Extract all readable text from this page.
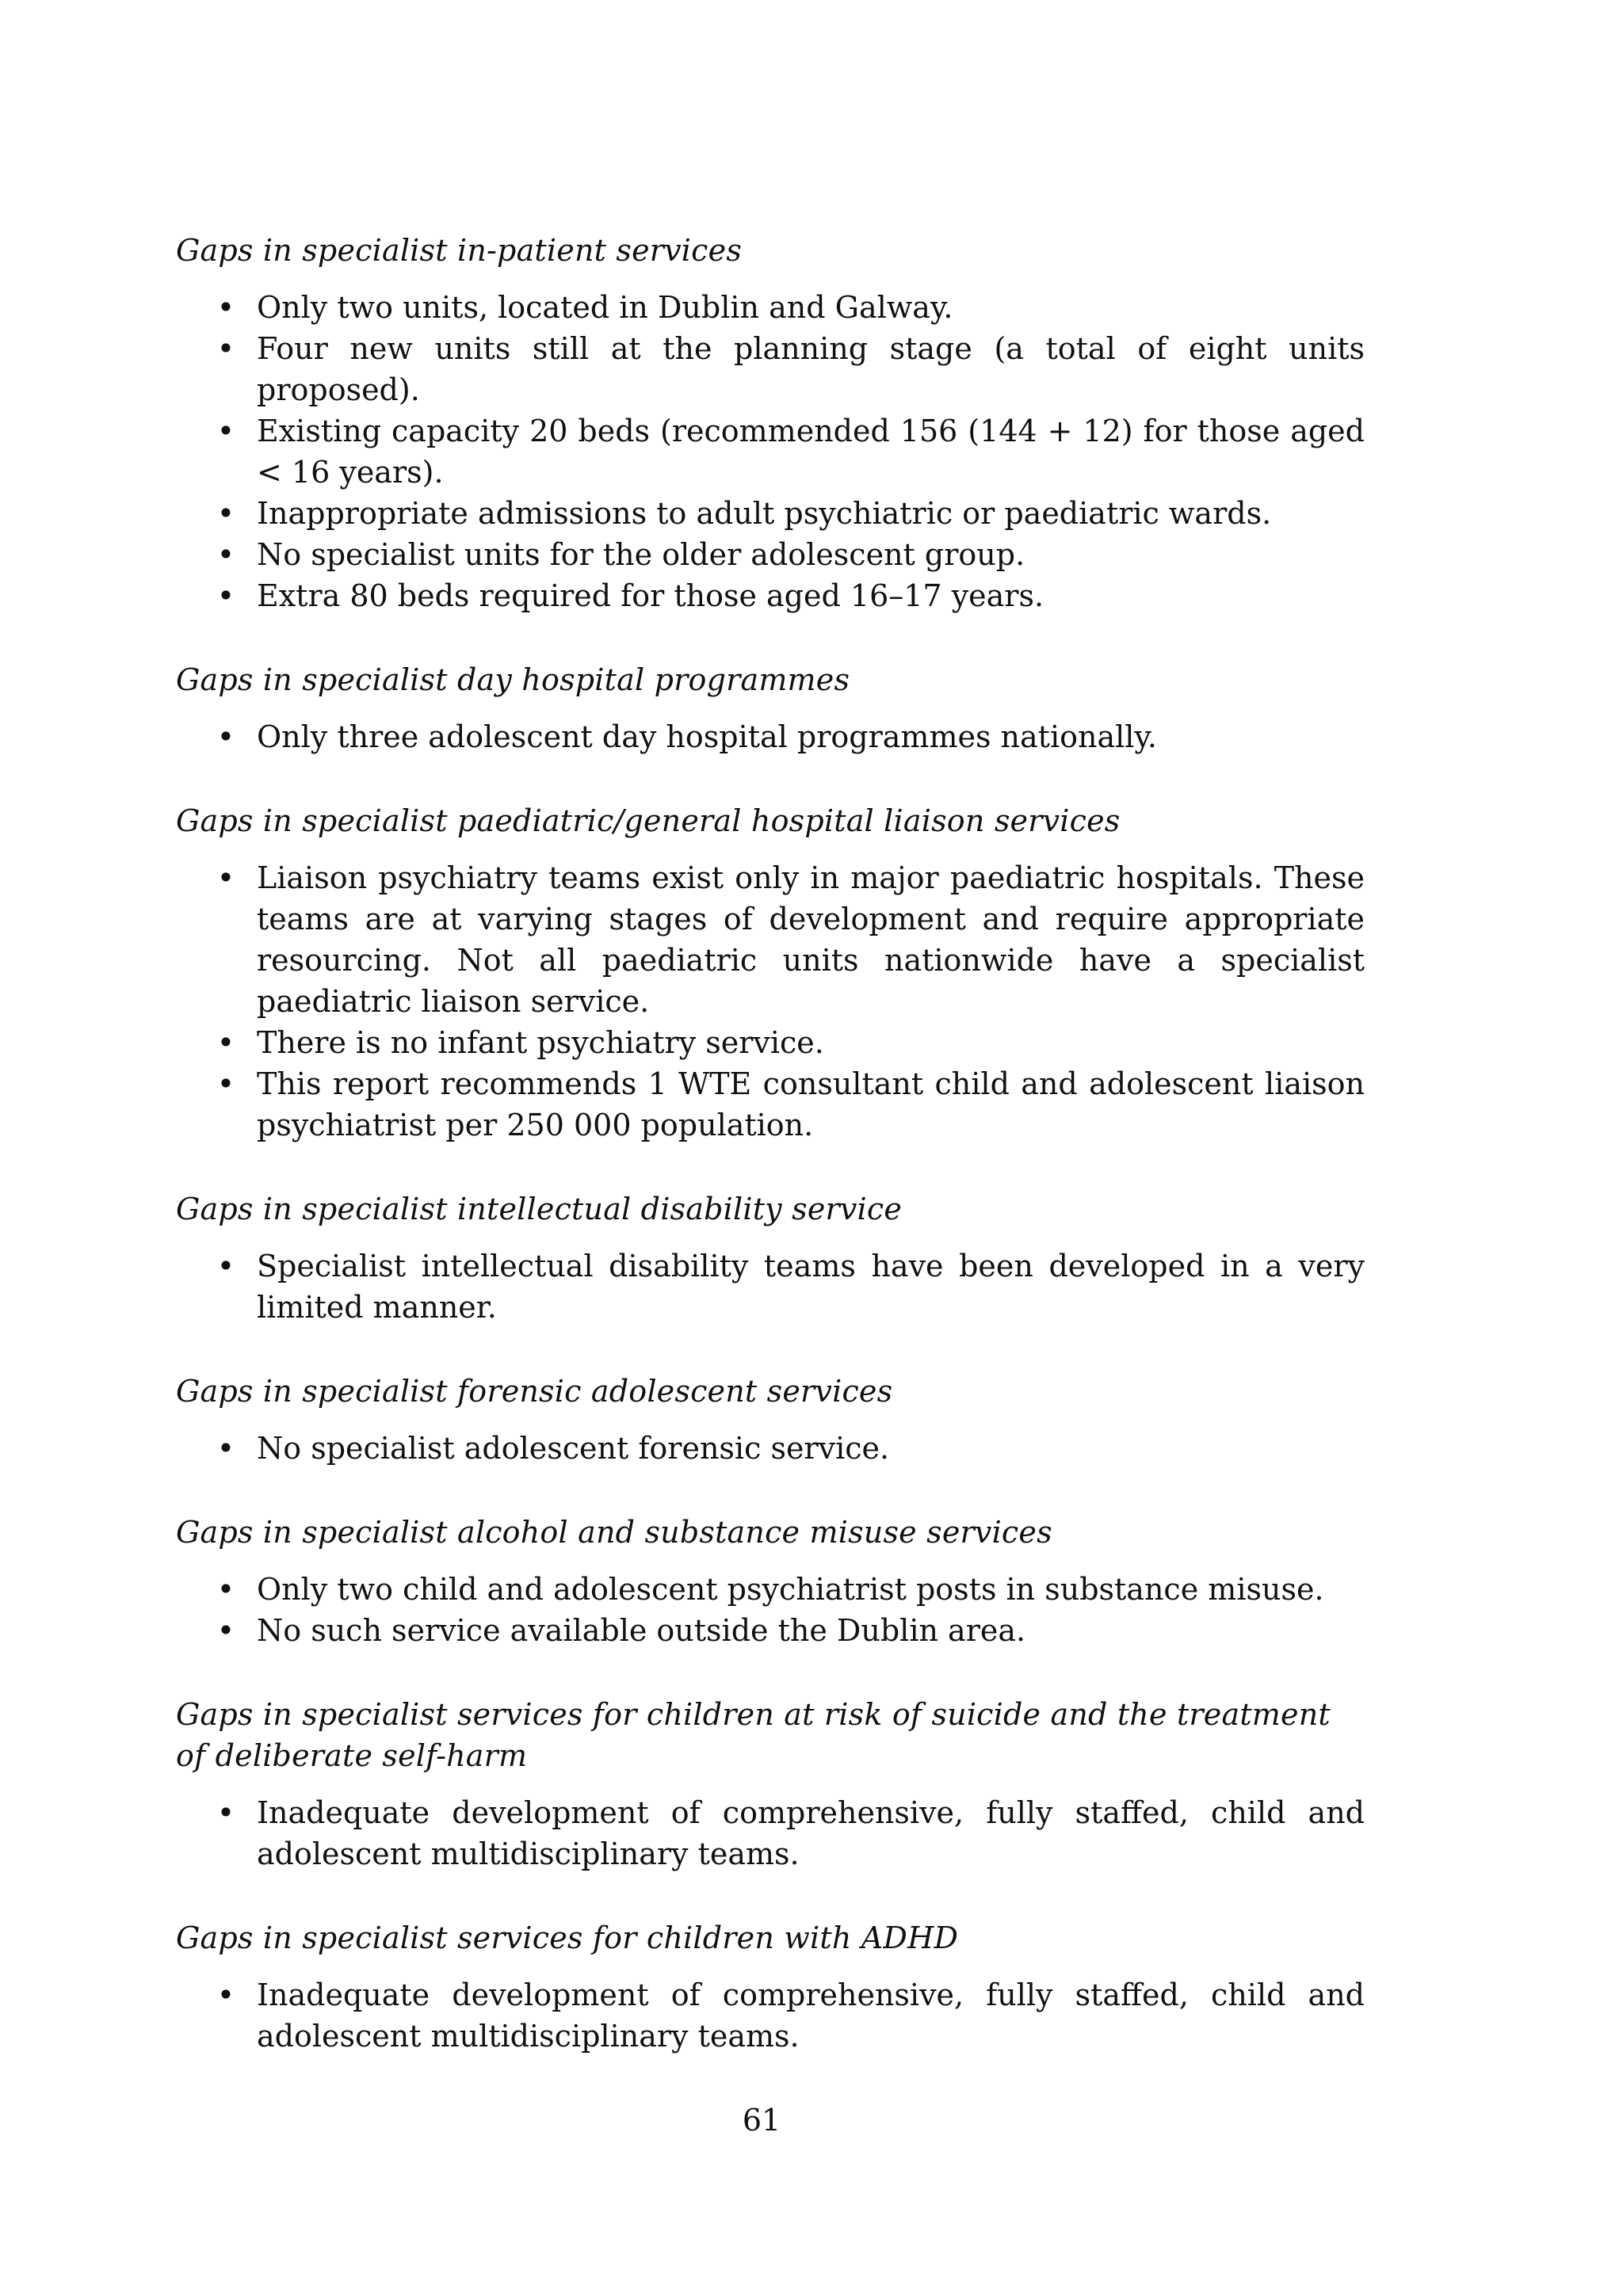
Gaps in specialist in-patient services
• Only two units, located in Dublin and Galway.
• Four new units still at the planning stage (a total of eight units proposed).
• Existing capacity 20 beds (recommended 156 (144 + 12) for those aged < 16 years).
• Inappropriate admissions to adult psychiatric or paediatric wards.
• No specialist units for the older adolescent group.
• Extra 80 beds required for those aged 16–17 years.
Gaps in specialist day hospital programmes
• Only three adolescent day hospital programmes nationally.
Gaps in specialist paediatric/general hospital liaison services
• Liaison psychiatry teams exist only in major paediatric hospitals. These teams are at varying stages of development and require appropriate resourcing. Not all paediatric units nationwide have a specialist paediatric liaison service.
• There is no infant psychiatry service.
• This report recommends 1 WTE consultant child and adolescent liaison psychiatrist per 250 000 population.
Gaps in specialist intellectual disability service
• Specialist intellectual disability teams have been developed in a very limited manner.
Gaps in specialist forensic adolescent services
• No specialist adolescent forensic service.
Gaps in specialist alcohol and substance misuse services
• Only two child and adolescent psychiatrist posts in substance misuse.
• No such service available outside the Dublin area.
Gaps in specialist services for children at risk of suicide and the treatment of deliberate self-harm
• Inadequate development of comprehensive, fully staffed, child and adolescent multidisciplinary teams.
Gaps in specialist services for children with ADHD
• Inadequate development of comprehensive, fully staffed, child and adolescent multidisciplinary teams.
61
